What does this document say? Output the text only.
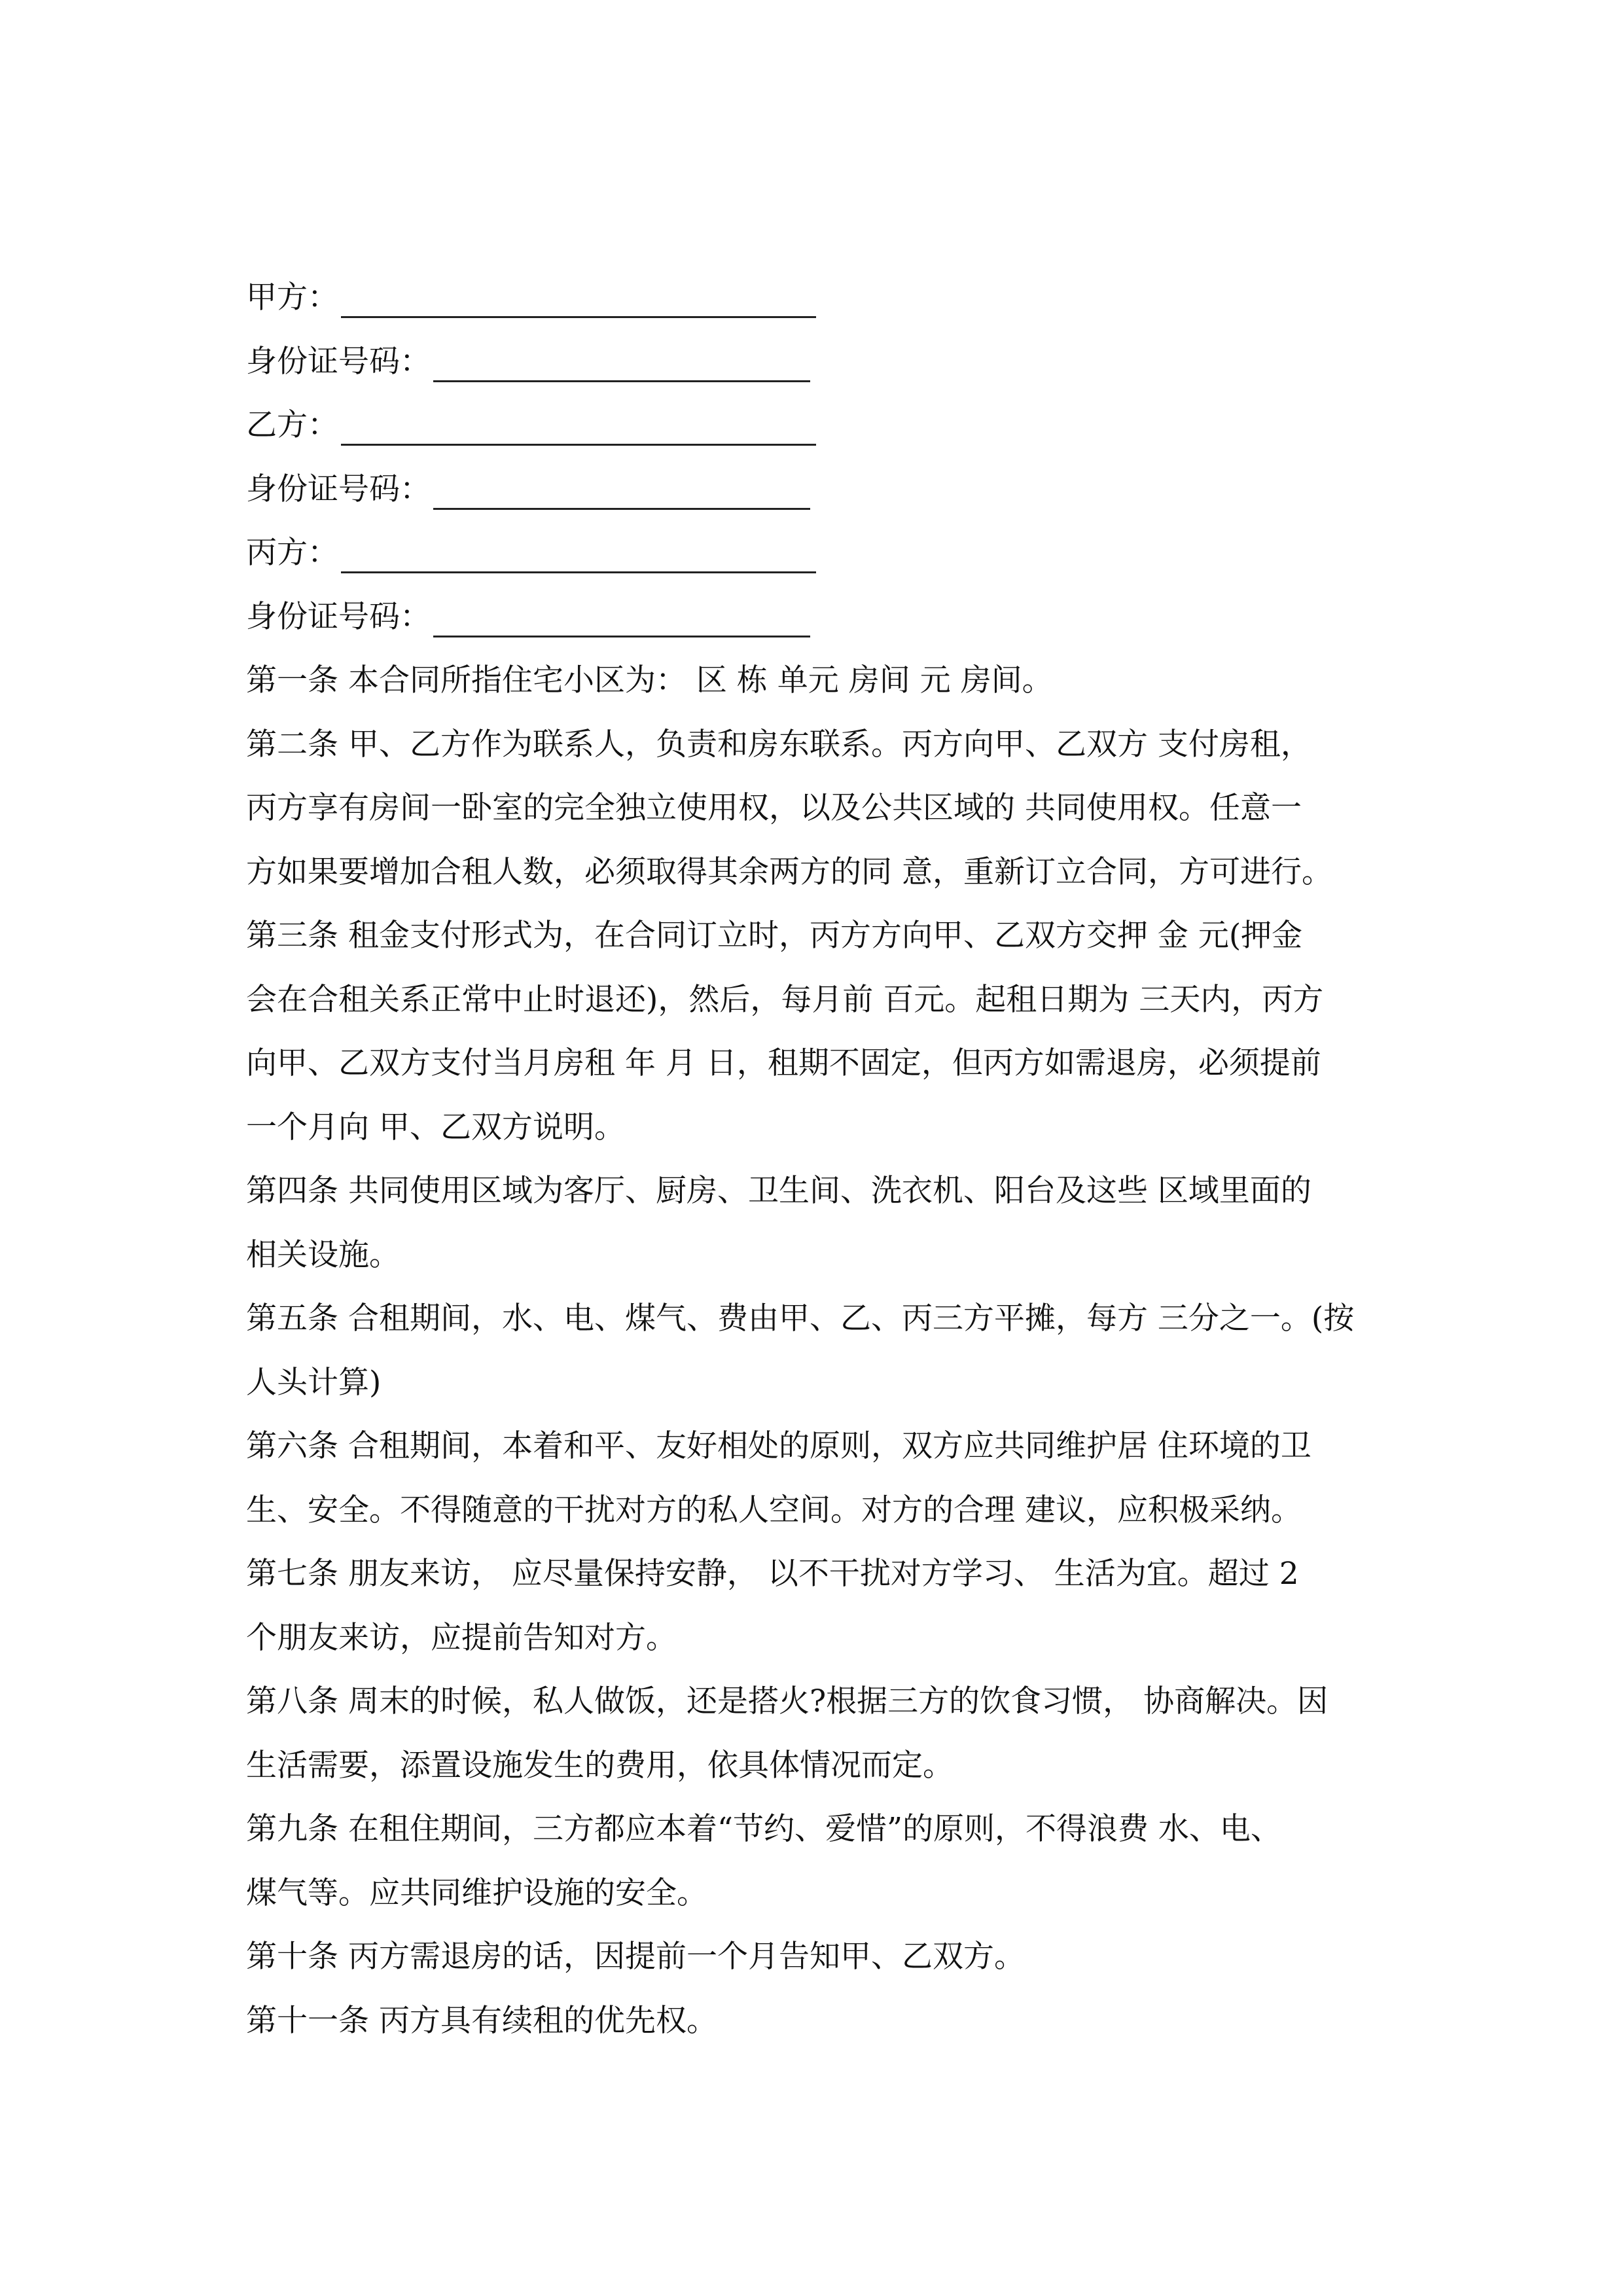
甲方：
身份证号码：
乙方：
身份证号码：
丙方：
身份证号码：

第一条 本合同所指住宅小区为： 区 栋 单元 房间 元 房间。

第二条 甲、乙方作为联系人，负责和房东联系。丙方向甲、乙双方 支付房租，

丙方享有房间一卧室的完全独立使用权，以及公共区域的 共同使用权。任意一

方如果要增加合租人数，必须取得其余两方的同 意，重新订立合同，方可进行。

第三条 租金支付形式为，在合同订立时，丙方方向甲、乙双方交押 金 元(押金

会在合租关系正常中止时退还)，然后，每月前 百元。起租日期为 三天内，丙方

向甲、乙双方支付当月房租 年 月 日，租期不固定，但丙方如需退房，必须提前

一个月向 甲、乙双方说明。

第四条 共同使用区域为客厅、厨房、卫生间、洗衣机、阳台及这些 区域里面的

相关设施。

第五条 合租期间，水、电、煤气、费由甲、乙、丙三方平摊，每方 三分之一。(按

人头计算)

第六条 合租期间，本着和平、友好相处的原则，双方应共同维护居 住环境的卫

生、安全。不得随意的干扰对方的私人空间。对方的合理 建议，应积极采纳。

第七条 朋友来访， 应尽量保持安静， 以不干扰对方学习、 生活为宜。超过 2

个朋友来访，应提前告知对方。

第八条 周末的时候，私人做饭，还是搭火?根据三方的饮食习惯， 协商解决。因

生活需要，添置设施发生的费用，依具体情况而定。

第九条 在租住期间，三方都应本着“节约、爱惜”的原则，不得浪费 水、电、

煤气等。应共同维护设施的安全。

第十条 丙方需退房的话，因提前一个月告知甲、乙双方。

第十一条 丙方具有续租的优先权。
